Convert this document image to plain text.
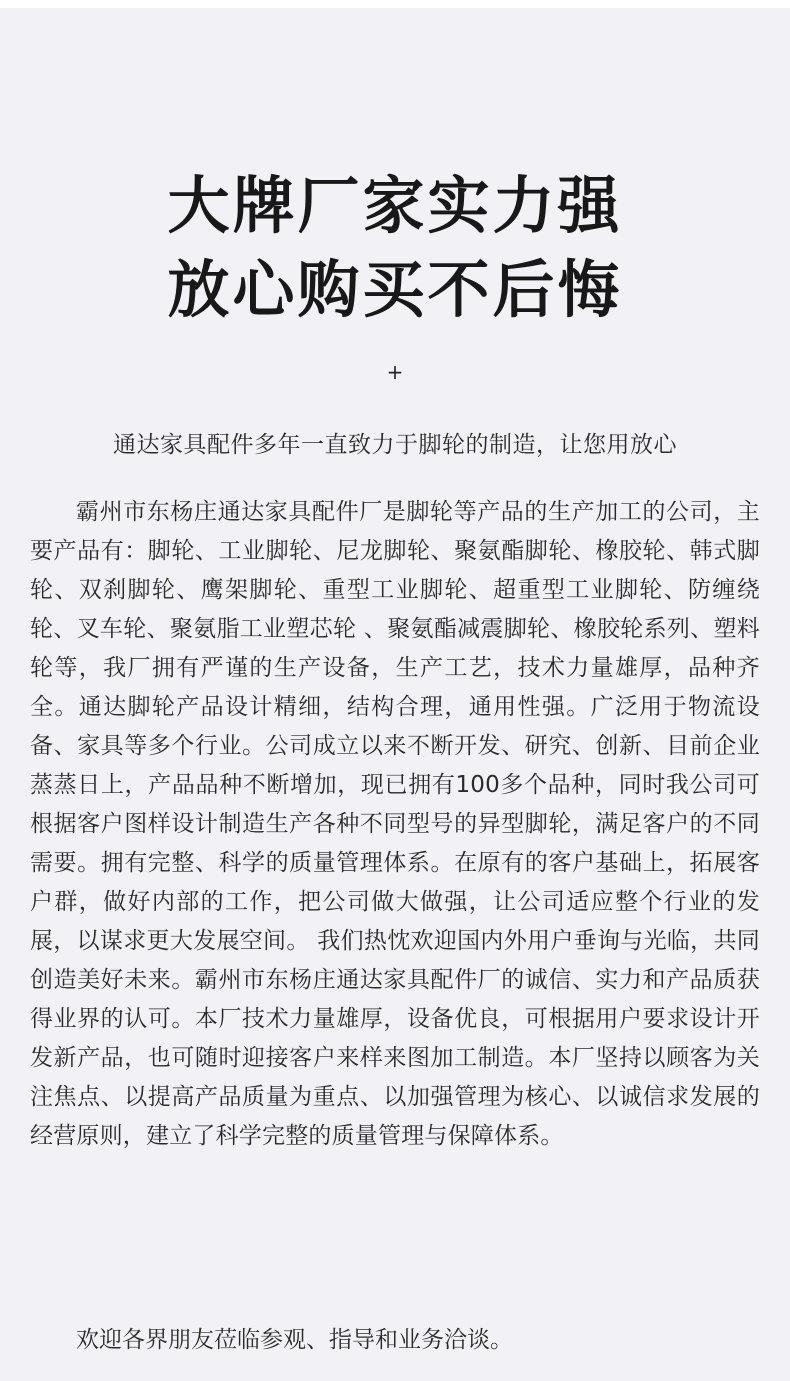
大牌厂家实力强
放心购买不后悔
+
通达家具配件多年一直致力于脚轮的制造，让您用放心

霸州市东杨庄通达家具配件厂是脚轮等产品的生产加工的公司，主要产品有：脚轮、工业脚轮、尼龙脚轮、聚氨酯脚轮、橡胶轮、韩式脚轮、双刹脚轮、鹰架脚轮、重型工业脚轮、超重型工业脚轮、防缠绕轮、叉车轮、聚氨脂工业塑芯轮 、聚氨酯减震脚轮、橡胶轮系列、塑料轮等，我厂拥有严谨的生产设备，生产工艺，技术力量雄厚，品种齐全。通达脚轮产品设计精细，结构合理，通用性强。广泛用于物流设备、家具等多个行业。公司成立以来不断开发、研究、创新、目前企业蒸蒸日上，产品品种不断增加，现已拥有100多个品种，同时我公司可根据客户图样设计制造生产各种不同型号的异型脚轮，满足客户的不同需要。拥有完整、科学的质量管理体系。在原有的客户基础上，拓展客户群，做好内部的工作，把公司做大做强，让公司适应整个行业的发展，以谋求更大发展空间。 我们热忱欢迎国内外用户垂询与光临，共同创造美好未来。霸州市东杨庄通达家具配件厂的诚信、实力和产品质获得业界的认可。本厂技术力量雄厚，设备优良，可根据用户要求设计开发新产品，也可随时迎接客户来样来图加工制造。本厂坚持以顾客为关注焦点、以提高产品质量为重点、以加强管理为核心、以诚信求发展的经营原则，建立了科学完整的质量管理与保障体系。

欢迎各界朋友莅临参观、指导和业务洽谈。
